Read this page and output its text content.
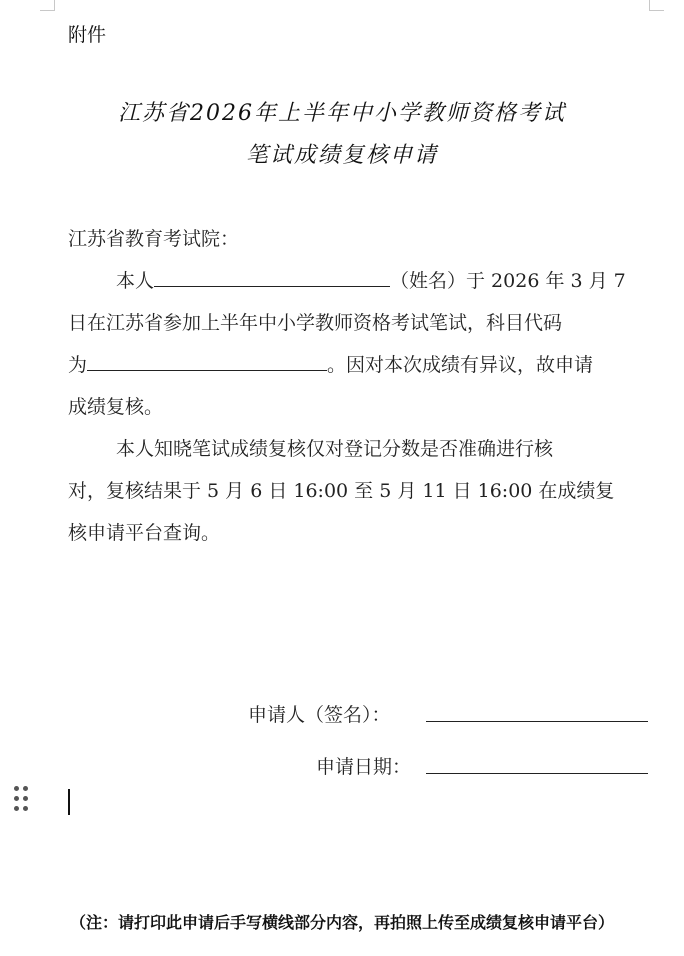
附件
江苏省2026年上半年中小学教师资格考试
笔试成绩复核申请
江苏省教育考试院：
本人	（姓名）于 2026 年 3 月 7
日在江苏省参加上半年中小学教师资格考试笔试，科目代码
为	。因对本次成绩有异议，故申请
成绩复核。
本人知晓笔试成绩复核仅对登记分数是否准确进行核
对，复核结果于 5 月 6 日 16:00 至 5 月 11 日 16:00 在成绩复
核申请平台查询。
申请人（签名）：
申请日期：
（注：请打印此申请后手写横线部分内容，再拍照上传至成绩复核申请平台）
